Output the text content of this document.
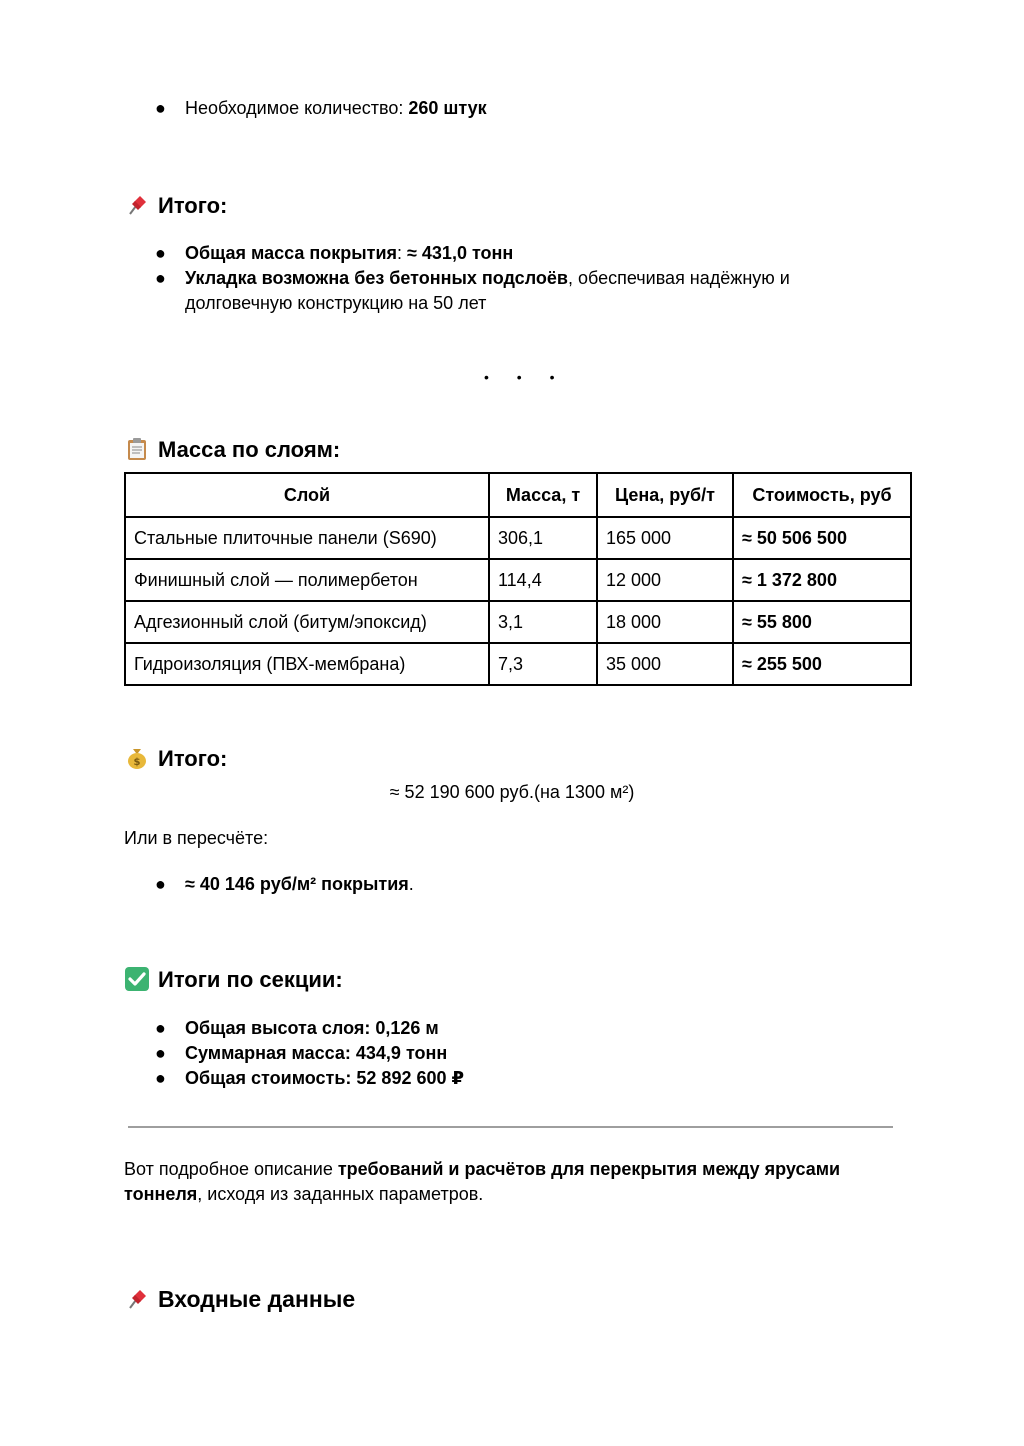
● Необходимое количество: 260 штук
Итого:
● Общая масса покрытия: ≈ 431,0 тонн
● Укладка возможна без бетонных подслоёв, обеспечивая надёжную и
долговечную конструкцию на 50 лет
• • •
Масса по слоям:
Слой	Масса, т	Цена, руб/т	Стоимость, руб
Стальные плиточные панели (S690)	306,1	165 000	≈ 50 506 500
Финишный слой — полимербетон	114,4	12 000	≈ 1 372 800
Адгезионный слой (битум/эпоксид)	3,1	18 000	≈ 55 800
Гидроизоляция (ПВХ-мембрана)	7,3	35 000	≈ 255 500
$ Итого:
≈ 52 190 600 руб.(на 1300 м²)
Или в пересчёте:
● ≈ 40 146 руб/м² покрытия.
Итоги по секции:
● Общая высота слоя: 0,126 м
● Суммарная масса: 434,9 тонн
● Общая стоимость: 52 892 600 ₽
Вот подробное описание требований и расчётов для перекрытия между ярусами
тоннеля, исходя из заданных параметров.
Входные данные
